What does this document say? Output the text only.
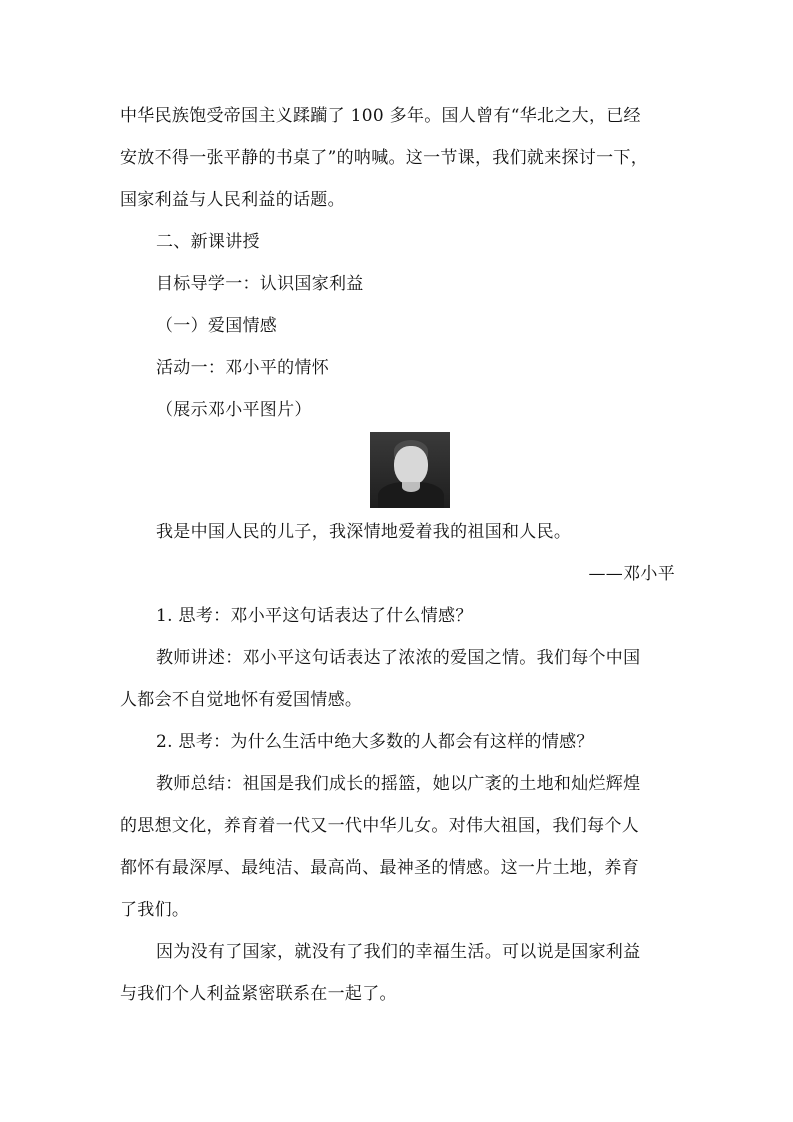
中华民族饱受帝国主义蹂躏了 100 多年。国人曾有“华北之大，已经
安放不得一张平静的书桌了”的呐喊。这一节课，我们就来探讨一下，
国家利益与人民利益的话题。
二、新课讲授
目标导学一：认识国家利益
（一）爱国情感
活动一：邓小平的情怀
（展示邓小平图片）
我是中国人民的儿子，我深情地爱着我的祖国和人民。
——邓小平
1. 思考：邓小平这句话表达了什么情感？
教师讲述：邓小平这句话表达了浓浓的爱国之情。我们每个中国
人都会不自觉地怀有爱国情感。
2. 思考：为什么生活中绝大多数的人都会有这样的情感？
教师总结：祖国是我们成长的摇篮，她以广袤的土地和灿烂辉煌
的思想文化，养育着一代又一代中华儿女。对伟大祖国，我们每个人
都怀有最深厚、最纯洁、最高尚、最神圣的情感。这一片土地，养育
了我们。
因为没有了国家，就没有了我们的幸福生活。可以说是国家利益
与我们个人利益紧密联系在一起了。
